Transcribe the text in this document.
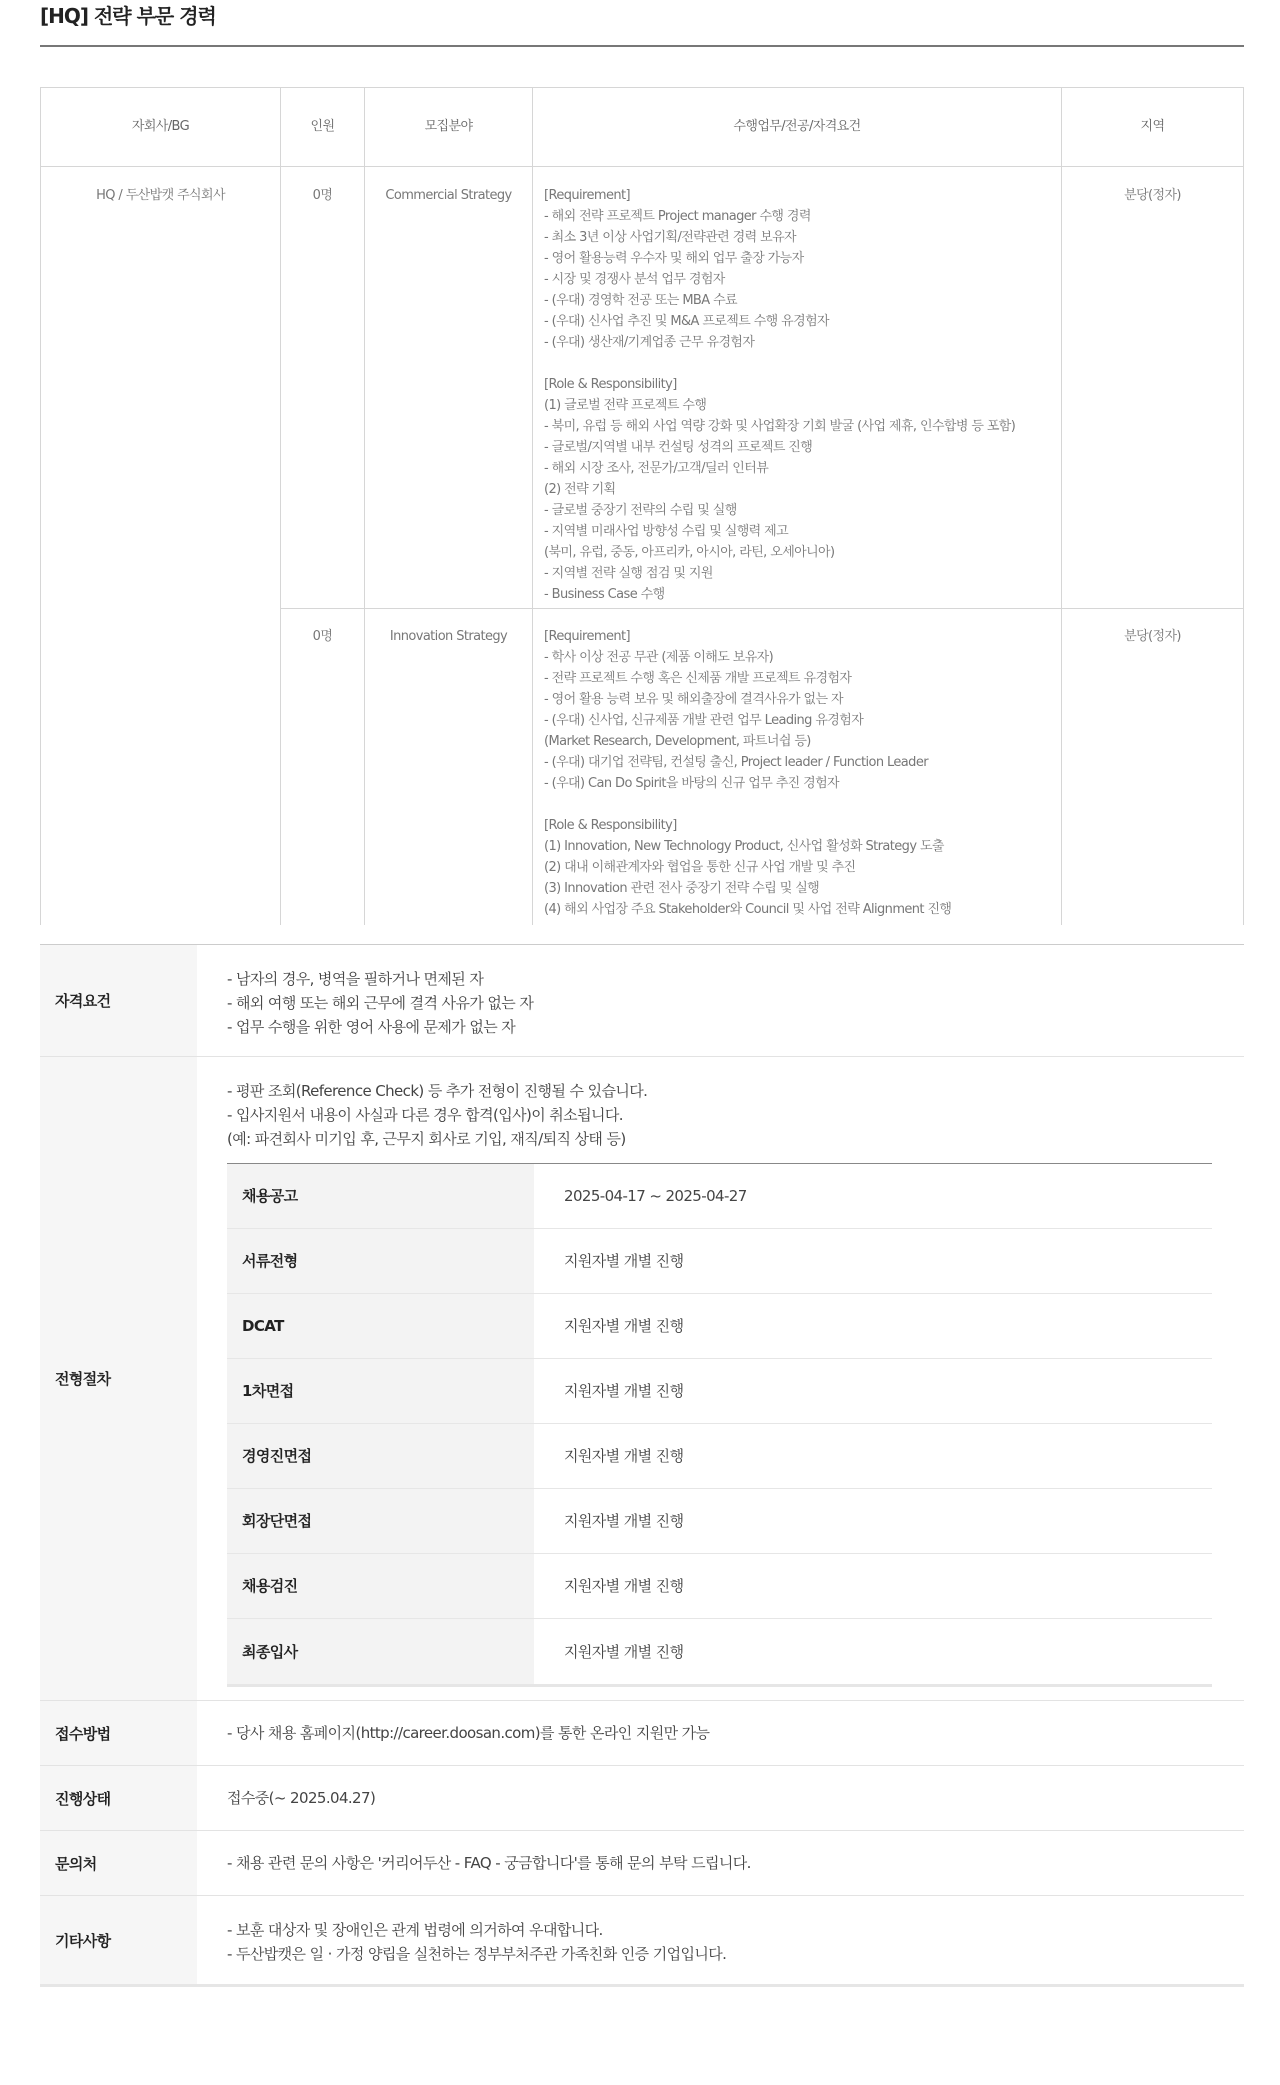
[HQ] 전략 부문 경력
자회사/BG	인원	모집분야	수행업무/전공/자격요건	지역
HQ / 두산밥캣 주식회사	0명	Commercial Strategy	[Requirement]
- 해외 전략 프로젝트 Project manager 수행 경력
- 최소 3년 이상 사업기획/전략관련 경력 보유자
- 영어 활용능력 우수자 및 해외 업무 출장 가능자
- 시장 및 경쟁사 분석 업무 경험자
- (우대) 경영학 전공 또는 MBA 수료
- (우대) 신사업 추진 및 M&A 프로젝트 수행 유경험자
- (우대) 생산재/기계업종 근무 유경험자
[Role & Responsibility]
(1) 글로벌 전략 프로젝트 수행
- 북미, 유럽 등 해외 사업 역량 강화 및 사업확장 기회 발굴 (사업 제휴, 인수합병 등 포함)
- 글로벌/지역별 내부 컨설팅 성격의 프로젝트 진행
- 해외 시장 조사, 전문가/고객/딜러 인터뷰
(2) 전략 기획
- 글로벌 중장기 전략의 수립 및 실행
- 지역별 미래사업 방향성 수립 및 실행력 제고
(북미, 유럽, 중동, 아프리카, 아시아, 라틴, 오세아니아)
- 지역별 전략 실행 점검 및 지원
- Business Case 수행
분당(정자)
0명	Innovation Strategy	[Requirement]
- 학사 이상 전공 무관 (제품 이해도 보유자)
- 전략 프로젝트 수행 혹은 신제품 개발 프로젝트 유경험자
- 영어 활용 능력 보유 및 해외출장에 결격사유가 없는 자
- (우대) 신사업, 신규제품 개발 관련 업무 Leading 유경험자
(Market Research, Development, 파트너쉽 등)
- (우대) 대기업 전략팀, 컨설팅 출신, Project leader / Function Leader
- (우대) Can Do Spirit을 바탕의 신규 업무 추진 경험자
[Role & Responsibility]
(1) Innovation, New Technology Product, 신사업 활성화 Strategy 도출
(2) 대내 이해관계자와 협업을 통한 신규 사업 개발 및 추진
(3) Innovation 관련 전사 중장기 전략 수립 및 실행
(4) 해외 사업장 주요 Stakeholder와 Council 및 사업 전략 Alignment 진행
분당(정자)
자격요건
- 남자의 경우, 병역을 필하거나 면제된 자
- 해외 여행 또는 해외 근무에 결격 사유가 없는 자
- 업무 수행을 위한 영어 사용에 문제가 없는 자
전형절차
- 평판 조회(Reference Check) 등 추가 전형이 진행될 수 있습니다.
- 입사지원서 내용이 사실과 다른 경우 합격(입사)이 취소됩니다.
(예: 파견회사 미기입 후, 근무지 회사로 기입, 재직/퇴직 상태 등)
채용공고	2025-04-17 ~ 2025-04-27
서류전형	지원자별 개별 진행
DCAT	지원자별 개별 진행
1차면접	지원자별 개별 진행
경영진면접	지원자별 개별 진행
회장단면접	지원자별 개별 진행
채용검진	지원자별 개별 진행
최종입사	지원자별 개별 진행
접수방법	- 당사 채용 홈페이지(http://career.doosan.com)를 통한 온라인 지원만 가능
진행상태	접수중(~ 2025.04.27)
문의처	- 채용 관련 문의 사항은 '커리어두산 - FAQ - 궁금합니다'를 통해 문의 부탁 드립니다.
기타사항
- 보훈 대상자 및 장애인은 관계 법령에 의거하여 우대합니다.
- 두산밥캣은 일 · 가정 양립을 실천하는 정부부처주관 가족친화 인증 기업입니다.
